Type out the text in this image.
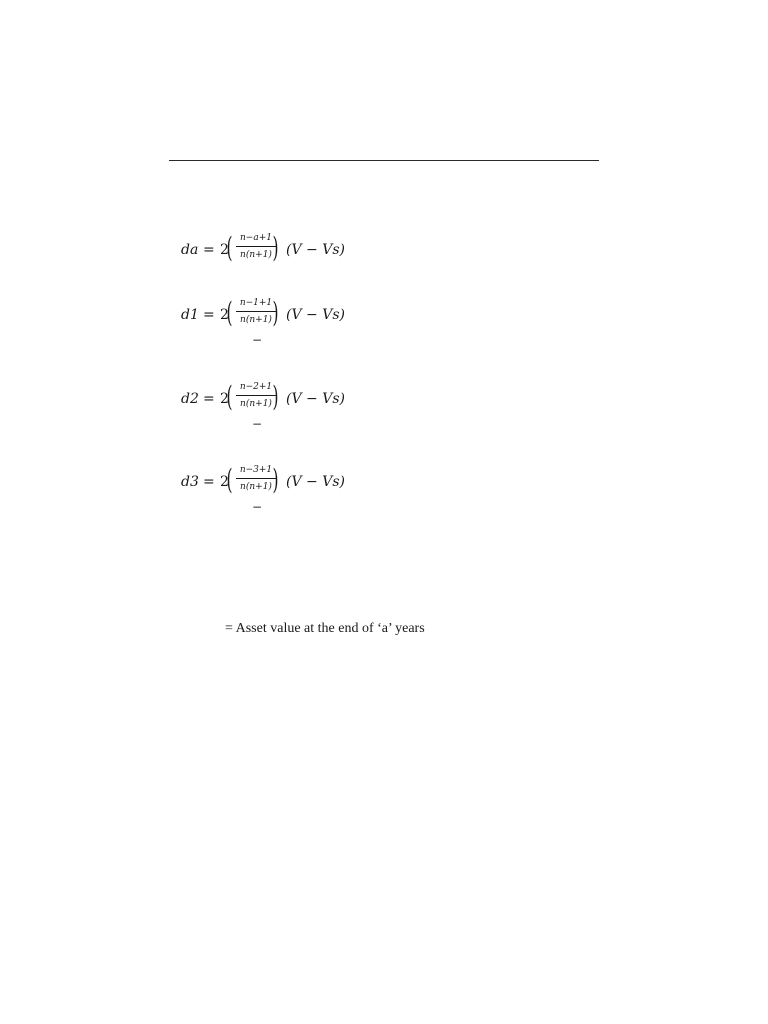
da = 2
( n−a+1
n(n+1) ) (V − Vs)
d1 = 2
( n−1+1
n(n+1) ) (V − Vs)
−
d2 = 2
( n−2+1
n(n+1) ) (V − Vs)
−
d3 = 2
( n−3+1
n(n+1) ) (V − Vs)
−
= Asset value at the end of ‘a’ years
